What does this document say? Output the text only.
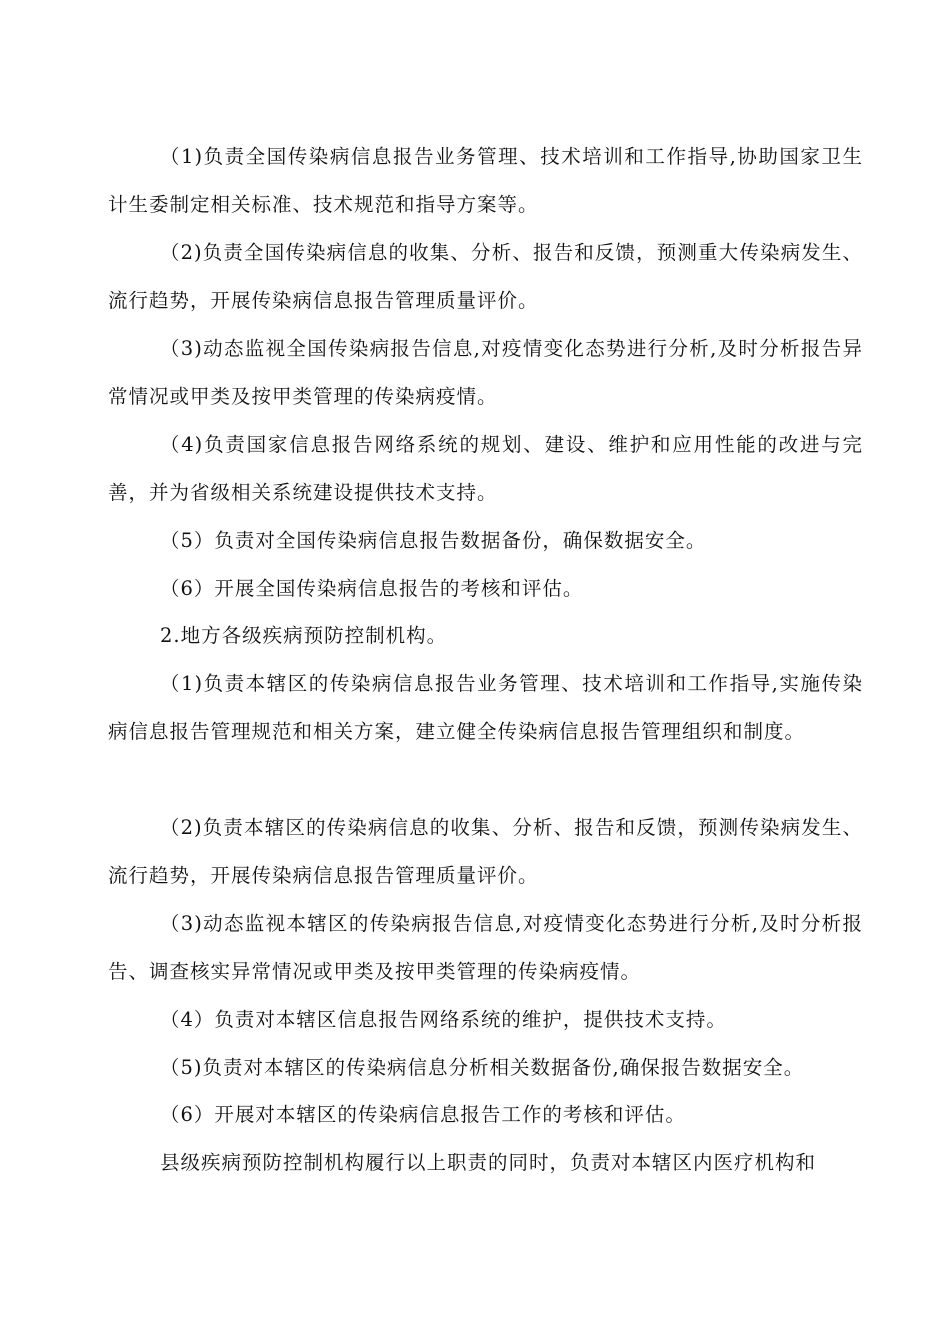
（1)负责全国传染病信息报告业务管理、技术培训和工作指导,协助国家卫生计生委制定相关标准、技术规范和指导方案等。

（2)负责全国传染病信息的收集、分析、报告和反馈，预测重大传染病发生、流行趋势，开展传染病信息报告管理质量评价。

（3)动态监视全国传染病报告信息,对疫情变化态势进行分析,及时分析报告异常情况或甲类及按甲类管理的传染病疫情。

（4)负责国家信息报告网络系统的规划、建设、维护和应用性能的改进与完善，并为省级相关系统建设提供技术支持。

（5）负责对全国传染病信息报告数据备份，确保数据安全。

（6）开展全国传染病信息报告的考核和评估。

2.地方各级疾病预防控制机构。

（1)负责本辖区的传染病信息报告业务管理、技术培训和工作指导,实施传染病信息报告管理规范和相关方案，建立健全传染病信息报告管理组织和制度。

（2)负责本辖区的传染病信息的收集、分析、报告和反馈，预测传染病发生、流行趋势，开展传染病信息报告管理质量评价。

（3)动态监视本辖区的传染病报告信息,对疫情变化态势进行分析,及时分析报告、调查核实异常情况或甲类及按甲类管理的传染病疫情。

（4）负责对本辖区信息报告网络系统的维护，提供技术支持。

（5)负责对本辖区的传染病信息分析相关数据备份,确保报告数据安全。

（6）开展对本辖区的传染病信息报告工作的考核和评估。

县级疾病预防控制机构履行以上职责的同时，负责对本辖区内医疗机构和
